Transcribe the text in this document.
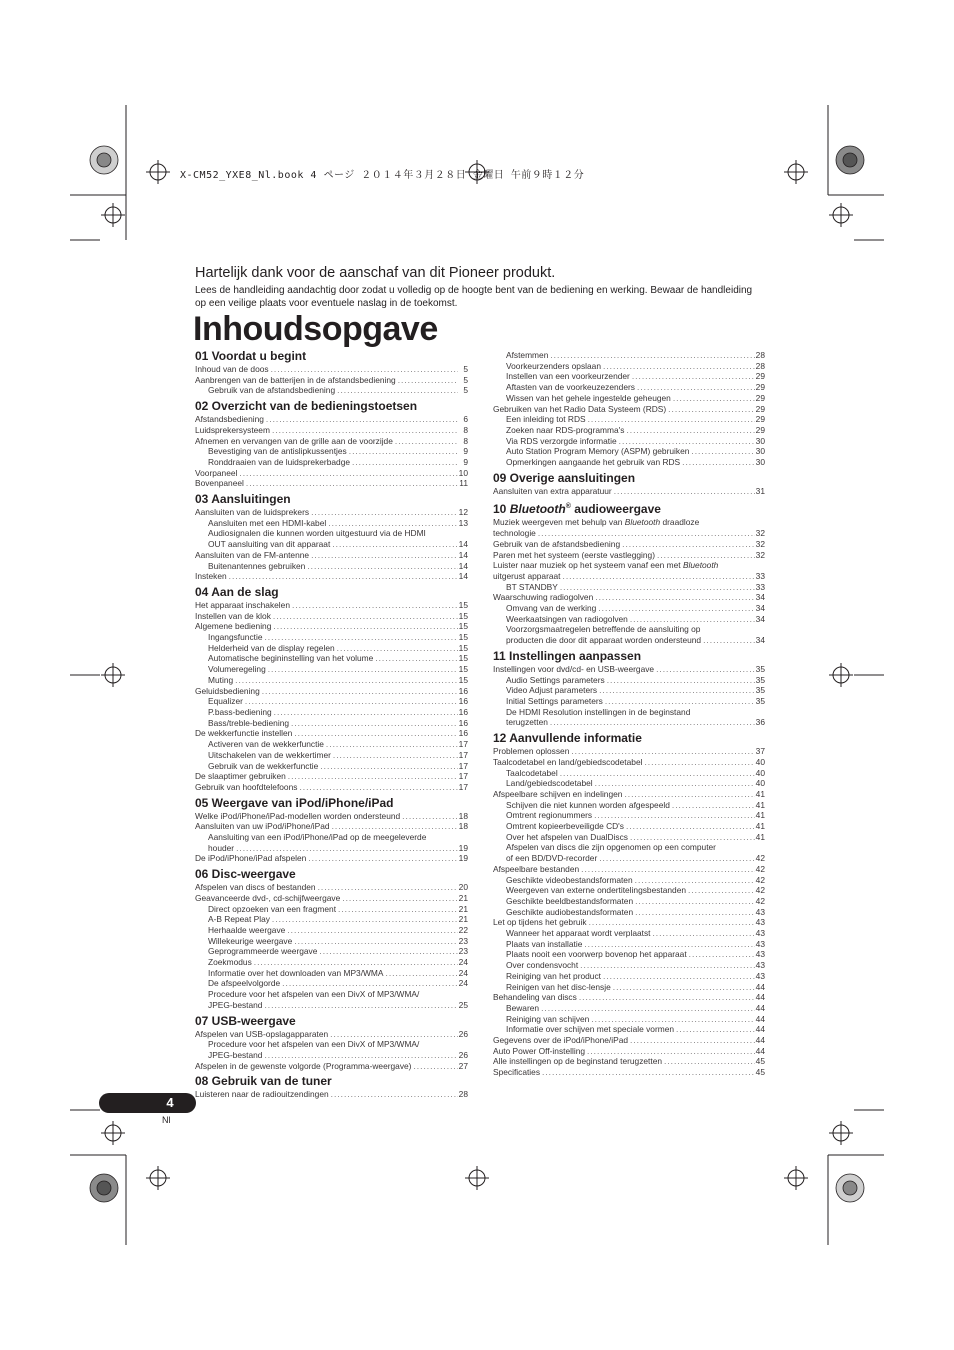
X-CM52_YXE8_Nl.book 4 ページ ２０１４年３月２８日 金曜日 午前９時１２分
Hartelijk dank voor de aanschaf van dit Pioneer produkt.
Lees de handleiding aandachtig door zodat u volledig op de hoogte bent van de bediening en werking. Bewaar de handleiding op een veilige plaats voor eventuele naslag in de toekomst.
Inhoudsopgave
01 Voordat u begint
Inhoud van de doos .....	5
Aanbrengen van de batterijen in de afstandsbediening .....	5
Gebruik van de afstandsbediening .....	5
02 Overzicht van de bedieningstoetsen
Afstandsbediening .....	6
Luidsprekersysteem .....	8
Afnemen en vervangen van de grille aan de voorzijde .....	8
Bevestiging van de antislipkussentjes .....	9
Ronddraaien van de luidsprekerbadge .....	9
Voorpaneel .....	10
Bovenpaneel .....	11
03 Aansluitingen
Aansluiten van de luidsprekers .....	12
Aansluiten met een HDMI-kabel .....	13
Audiosignalen die kunnen worden uitgestuurd via de HDMI
OUT aansluiting van dit apparaat .....	14
Aansluiten van de FM-antenne .....	14
Buitenantennes gebruiken .....	14
Insteken .....	14
04 Aan de slag
Het apparaat inschakelen .....	15
Instellen van de klok .....	15
Algemene bediening .....	15
Ingangsfunctie .....	15
Helderheid van de display regelen .....	15
Automatische begininstelling van het volume .....	15
Volumeregeling .....	15
Muting .....	15
Geluidsbediening .....	16
Equalizer .....	16
P.bass-bediening .....	16
Bass/treble-bediening .....	16
De wekkerfunctie instellen .....	16
Activeren van de wekkerfunctie .....	17
Uitschakelen van de wekkertimer .....	17
Gebruik van de wekkerfunctie .....	17
De slaaptimer gebruiken .....	17
Gebruik van hoofdtelefoons .....	17
05 Weergave van iPod/iPhone/iPad
Welke iPod/iPhone/iPad-modellen worden ondersteund .....	18
Aansluiten van uw iPod/iPhone/iPad .....	18
Aansluiting van een iPod/iPhone/iPad op de meegeleverde
houder .....	19
De iPod/iPhone/iPad afspelen .....	19
06 Disc-weergave
Afspelen van discs of bestanden .....	20
Geavanceerde dvd-, cd-schijfweergave .....	21
Direct opzoeken van een fragment .....	21
A-B Repeat Play .....	21
Herhaalde weergave .....	22
Willekeurige weergave .....	23
Geprogrammeerde weergave .....	23
Zoekmodus .....	24
Informatie over het downloaden van MP3/WMA .....	24
De afspeelvolgorde .....	24
Procedure voor het afspelen van een DivX of MP3/WMA/
JPEG-bestand .....	25
07 USB-weergave
Afspelen van USB-opslagapparaten .....	26
Procedure voor het afspelen van een DivX of MP3/WMA/
JPEG-bestand .....	26
Afspelen in de gewenste volgorde (Programma-weergave) .....	27
08 Gebruik van de tuner
Luisteren naar de radiouitzendingen .....	28
Afstemmen .....	28
Voorkeurzenders opslaan .....	28
Instellen van een voorkeurzender .....	29
Aftasten van de voorkeuzezenders .....	29
Wissen van het gehele ingestelde geheugen .....	29
Gebruiken van het Radio Data Systeem (RDS) .....	29
Een inleiding tot RDS .....	29
Zoeken naar RDS-programma's .....	29
Via RDS verzorgde informatie .....	30
Auto Station Program Memory (ASPM) gebruiken .....	30
Opmerkingen aangaande het gebruik van RDS .....	30
09 Overige aansluitingen
Aansluiten van extra apparatuur .....	31
10 Bluetooth® audioweergave
Muziek weergeven met behulp van Bluetooth draadloze
technologie .....	32
Gebruik van de afstandsbediening .....	32
Paren met het systeem (eerste vastlegging) .....	32
Luister naar muziek op het systeem vanaf een met Bluetooth
uitgerust apparaat .....	33
BT STANDBY .....	33
Waarschuwing radiogolven .....	34
Omvang van de werking .....	34
Weerkaatsingen van radiogolven .....	34
Voorzorgsmaatregelen betreffende de aansluiting op
producten die door dit apparaat worden ondersteund .....	34
11 Instellingen aanpassen
Instellingen voor dvd/cd- en USB-weergave .....	35
Audio Settings parameters .....	35
Video Adjust parameters .....	35
Initial Settings parameters .....	35
De HDMI Resolution instellingen in de beginstand
terugzetten .....	36
12 Aanvullende informatie
Problemen oplossen .....	37
Taalcodetabel en land/gebiedscodetabel .....	40
Taalcodetabel .....	40
Land/gebiedscodetabel .....	40
Afspeelbare schijven en indelingen .....	41
Schijven die niet kunnen worden afgespeeld .....	41
Omtrent regionummers .....	41
Omtrent kopieerbeveiligde CD's .....	41
Over het afspelen van DualDiscs .....	41
Afspelen van discs die zijn opgenomen op een computer
of een BD/DVD-recorder .....	42
Afspeelbare bestanden .....	42
Geschikte videobestandsformaten .....	42
Weergeven van externe ondertitelingsbestanden .....	42
Geschikte beeldbestandsformaten .....	42
Geschikte audiobestandsformaten .....	43
Let op tijdens het gebruik .....	43
Wanneer het apparaat wordt verplaatst .....	43
Plaats van installatie .....	43
Plaats nooit een voorwerp bovenop het apparaat .....	43
Over condensvocht .....	43
Reiniging van het product .....	43
Reinigen van het disc-lensje .....	44
Behandeling van discs .....	44
Bewaren .....	44
Reiniging van schijven .....	44
Informatie over schijven met speciale vormen .....	44
Gegevens over de iPod/iPhone/iPad .....	44
Auto Power Off-instelling .....	44
Alle instellingen op de beginstand terugzetten .....	45
Specificaties .....	45
4
Nl
